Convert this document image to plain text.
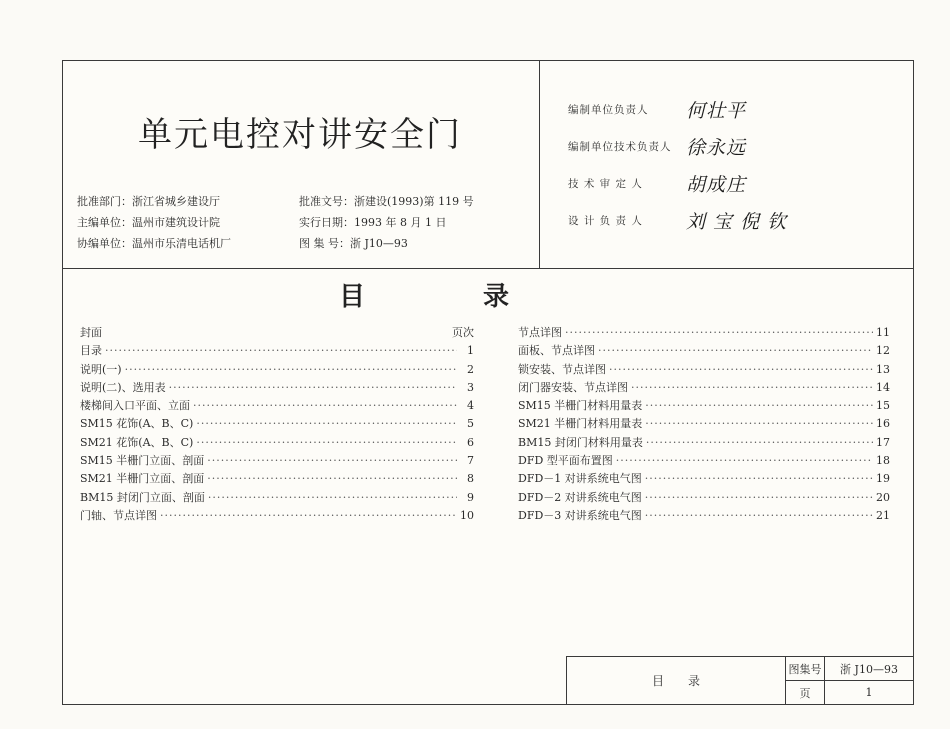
单元电控对讲安全门
批准部门：浙江省城乡建设厅	批准文号：浙建设(1993)第 119 号
主编单位：温州市建筑设计院	实行日期：1993 年 8 月 1 日
协编单位：温州市乐清电话机厂	图 集 号：浙 J10—93
编制单位负责人	何壮平
编制单位技术负责人 徐永远
技 术 审 定 人	胡成庄
设 计 负 责 人	刘 宝 倪 钦
目录
图集号	浙 J10—93
页	1
目	录
封面	页次
目录 ·····	1
说明(一) ·····	2
说明(二)、选用表 ·····	3
楼梯间入口平面、立面 ·····	4
SM15 花饰(A、B、C) ·····	5
SM21 花饰(A、B、C) ·····	6
SM15 半栅门立面、剖面 ·····	7
SM21 半栅门立面、剖面 ·····	8
BM15 封闭门立面、剖面 ·····	9
门轴、节点详图 ·····	10
节点详图 ·····	11
面板、节点详图 ·····	12
锁安装、节点详图 ·····	13
闭门器安装、节点详图 ·····	14
SM15 半栅门材料用量表 ·····	15
SM21 半栅门材料用量表 ·····	16
BM15 封闭门材料用量表 ·····	17
DFD 型平面布置图 ·····	18
DFD－1 对讲系统电气图 ·····	19
DFD－2 对讲系统电气图 ·····	20
DFD－3 对讲系统电气图 ·····	21
